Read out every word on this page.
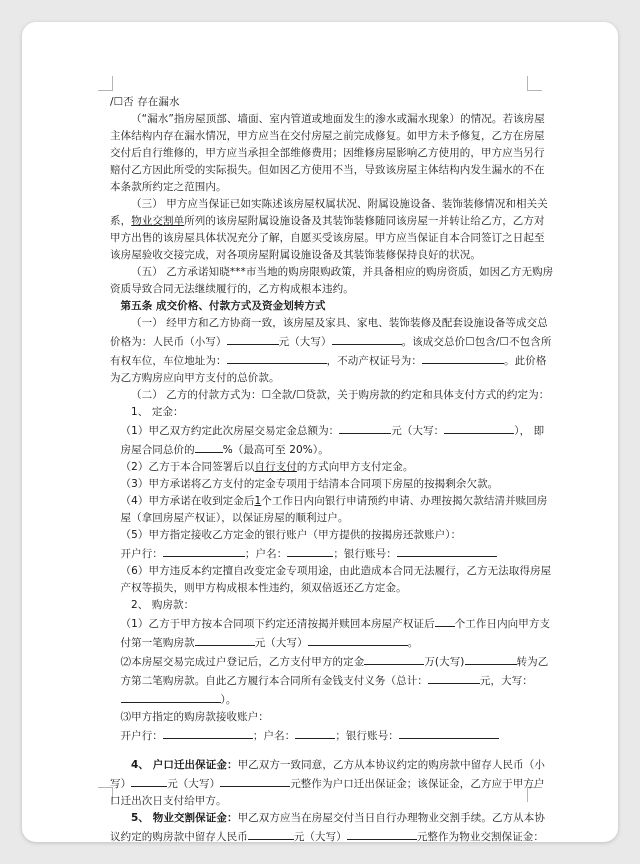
/☐否 存在漏水

（“漏水”指房屋顶部、墙面、室内管道或地面发生的渗水或漏水现象）的情况。若该房屋主体结构内存在漏水情况，甲方应当在交付房屋之前完成修复。如甲方未予修复，乙方在房屋交付后自行维修的，甲方应当承担全部维修费用；因维修房屋影响乙方使用的，甲方应当另行赔付乙方因此所受的实际损失。但如因乙方使用不当，导致该房屋主体结构内发生漏水的不在本条款所约定之范围内。

（三） 甲方应当保证已如实陈述该房屋权属状况、附属设施设备、装饰装修情况和相关关系，物业交割单所列的该房屋附属设施设备及其装饰装修随同该房屋一并转让给乙方，乙方对甲方出售的该房屋具体状况充分了解，自愿买受该房屋。甲方应当保证自本合同签订之日起至该房屋验收交接完成，对各项房屋附属设施设备及其装饰装修保持良好的状况。

（五） 乙方承诺知晓***市当地的购房限购政策，并具备相应的购房资质，如因乙方无购房资质导致合同无法继续履行的，乙方构成根本违约。

第五条 成交价格、付款方式及资金划转方式

（一） 经甲方和乙方协商一致，该房屋及家具、家电、装饰装修及配套设施设备等成交总价格为：人民币（小写）	元（大写）	。该成交总价☐包含/☐不包含所有权车位，车位地址为：	，不动产权证号为：	。此价格为乙方购房应向甲方支付的总价款。

（二） 乙方的付款方式为：☐全款/☐贷款，关于购房款的约定和具体支付方式的约定为：

1、 定金：

（1）甲乙双方约定此次房屋交易定金总额为：	元（大写：	）， 即房屋合同总价的	%（最高可至 20%）。

（2）乙方于本合同签署后以自行支付的方式向甲方支付定金。

（3）甲方承诺将乙方支付的定金专项用于结清本合同项下房屋的按揭剩余欠款。

（4）甲方承诺在收到定金后1个工作日内向银行申请预约申请、办理按揭欠款结清并赎回房屋（拿回房屋产权证），以保证房屋的顺利过户。

（5）甲方指定接收乙方定金的银行账户（甲方提供的按揭房还款账户）：

开户行：	；户名：	；银行账号：

（6）甲方违反本约定擅自改变定金专项用途，由此造成本合同无法履行，乙方无法取得房屋产权等损失，则甲方构成根本性违约，须双倍返还乙方定金。

2、 购房款：

（1）乙方于甲方按本合同项下约定还清按揭并赎回本房屋产权证后 个工作日内向甲方支付第一笔购房款	元（大写）	。

⑵本房屋交易完成过户登记后，乙方支付甲方的定金	万(大写)	转为乙方第二笔购房款。自此乙方履行本合同所有金钱支付义务（总计：	元，大写：）。

⑶甲方指定的购房款接收账户：

开户行：	；户名：	；银行账号：

4、 户口迁出保证金：甲乙双方一致同意，乙方从本协议约定的购房款中留存人民币（小写）	元（大写）	元整作为户口迁出保证金；该保证金，乙方应于甲方户口迁出次日支付给甲方。

5、 物业交割保证金：甲乙双方应当在房屋交付当日自行办理物业交割手续。乙方从本协议约定的购房款中留存人民币	元（大写）	元整作为物业交割保证金：
